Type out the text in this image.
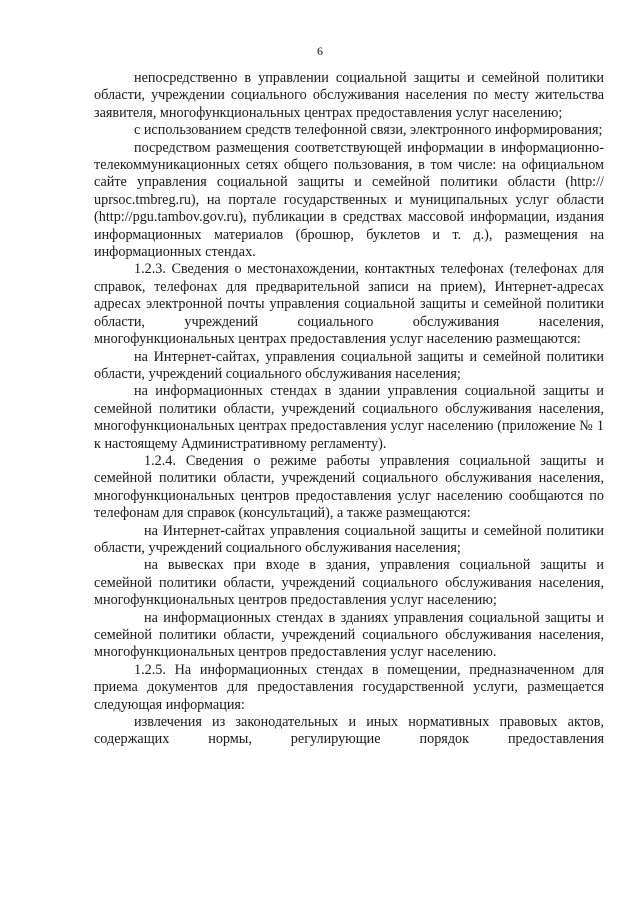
6

непосредственно в управлении социальной защиты и семейной политики области, учреждении социального обслуживания населения по месту жительства заявителя, многофункциональных центрах предоставления услуг населению;

с использованием средств телефонной связи, электронного информирования;

посредством размещения соответствующей информации в информационно-телекоммуникационных сетях общего пользования, в том числе: на официальном сайте управления социальной защиты и семейной политики области (http:// uprsoc.tmbreg.ru), на портале государственных и муниципальных услуг области (http://pgu.tambov.gov.ru), публикации в средствах массовой информации, издания информационных материалов (брошюр, буклетов и т. д.), размещения на информационных стендах.

1.2.3. Сведения о местонахождении, контактных телефонах (телефонах для справок, телефонах для предварительной записи на прием), Интернет-адресах адресах электронной почты управления социальной защиты и семейной политики области, учреждений социального обслуживания населения, многофункциональных центрах предоставления услуг населению размещаются:

на Интернет-сайтах, управления социальной защиты и семейной политики области, учреждений социального обслуживания населения;

на информационных стендах в здании управления социальной защиты и семейной политики области, учреждений социального обслуживания населения, многофункциональных центрах предоставления услуг населению (приложение № 1 к настоящему Административному регламенту).

1.2.4. Сведения о режиме работы управления социальной защиты и семейной политики области, учреждений социального обслуживания населения, многофункциональных центров предоставления услуг населению сообщаются по телефонам для справок (консультаций), а также размещаются:

на Интернет-сайтах управления социальной защиты и семейной политики области, учреждений социального обслуживания населения;

на вывесках при входе в здания, управления социальной защиты и семейной политики области, учреждений социального обслуживания населения, многофункциональных центров предоставления услуг населению;

на информационных стендах в зданиях управления социальной защиты и семейной политики области, учреждений социального обслуживания населения, многофункциональных центров предоставления услуг населению.

1.2.5. На информационных стендах в помещении, предназначенном для приема документов для предоставления государственной услуги, размещается следующая информация:

извлечения из законодательных и иных нормативных правовых актов, содержащих нормы, регулирующие порядок предоставления
